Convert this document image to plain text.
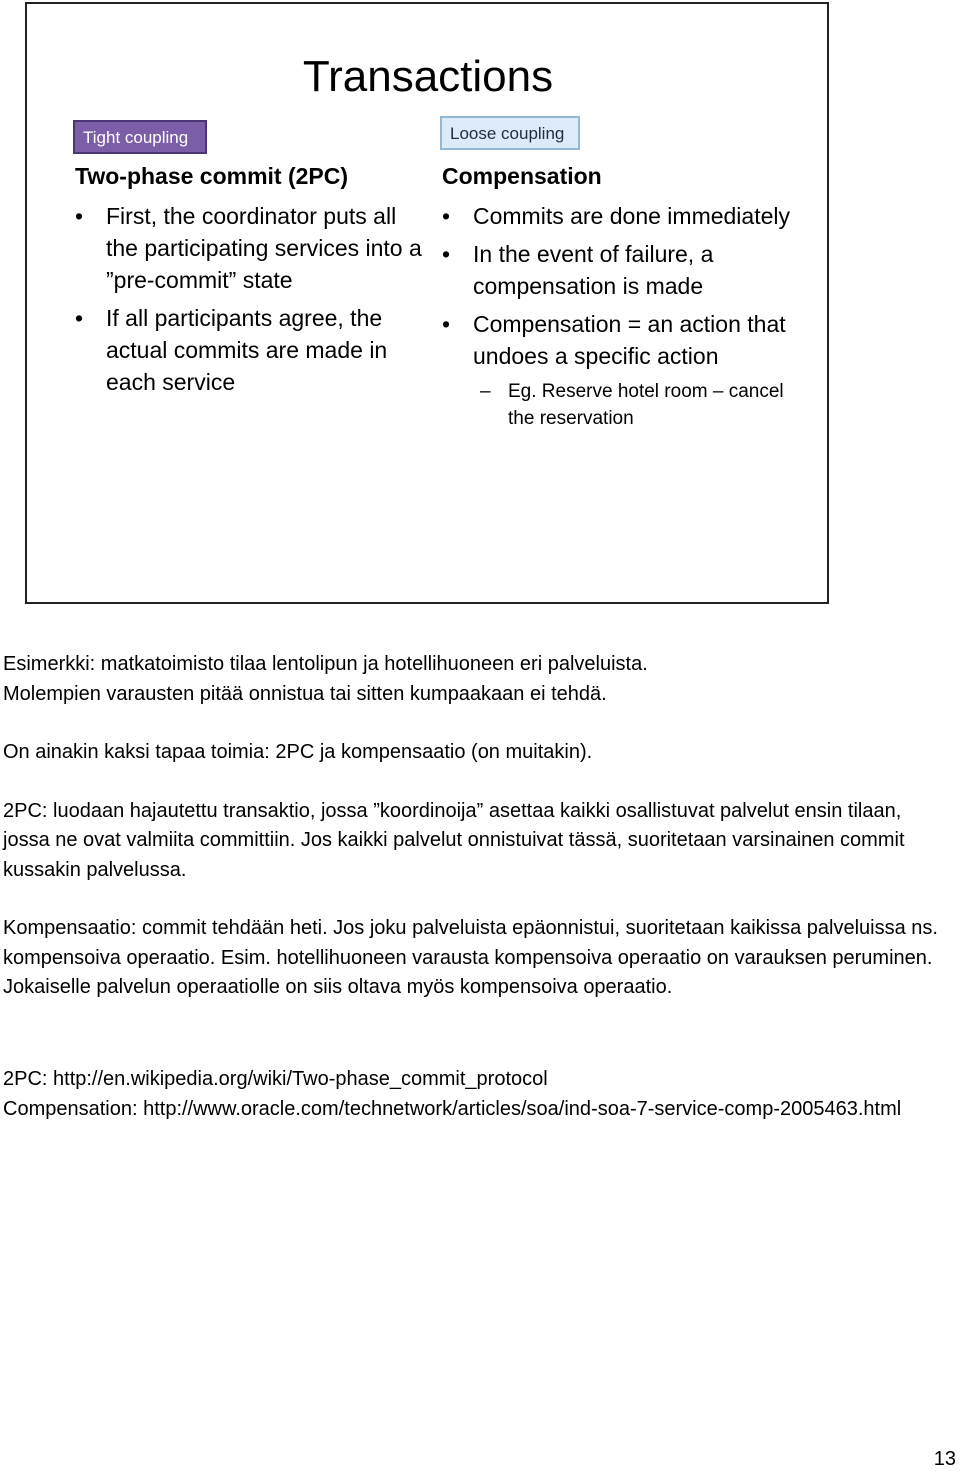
Transactions
Tight coupling	Loose coupling
Two-phase commit (2PC)
• First, the coordinator puts all the participating services into a ”pre-commit” state
• If all participants agree, the actual commits are made in each service
Compensation
• Commits are done immediately
• In the event of failure, a compensation is made
• Compensation = an action that undoes a specific action
– Eg. Reserve hotel room – cancel the reservation

Esimerkki: matkatoimisto tilaa lentolipun ja hotellihuoneen eri palveluista.

Molempien varausten pitää onnistua tai sitten kumpaakaan ei tehdä.

On ainakin kaksi tapaa toimia: 2PC ja kompensaatio (on muitakin).

2PC: luodaan hajautettu transaktio, jossa ”koordinoija” asettaa kaikki osallistuvat palvelut ensin tilaan, jossa ne ovat valmiita committiin. Jos kaikki palvelut onnistuivat tässä, suoritetaan varsinainen commit kussakin palvelussa.

Kompensaatio: commit tehdään heti. Jos joku palveluista epäonnistui, suoritetaan kaikissa palveluissa ns. kompensoiva operaatio. Esim. hotellihuoneen varausta kompensoiva operaatio on varauksen peruminen. Jokaiselle palvelun operaatiolle on siis oltava myös kompensoiva operaatio.

2PC: http://en.wikipedia.org/wiki/Two-phase_commit_protocol
Compensation: http://www.oracle.com/technetwork/articles/soa/ind-soa-7-service-comp-2005463.html
13
